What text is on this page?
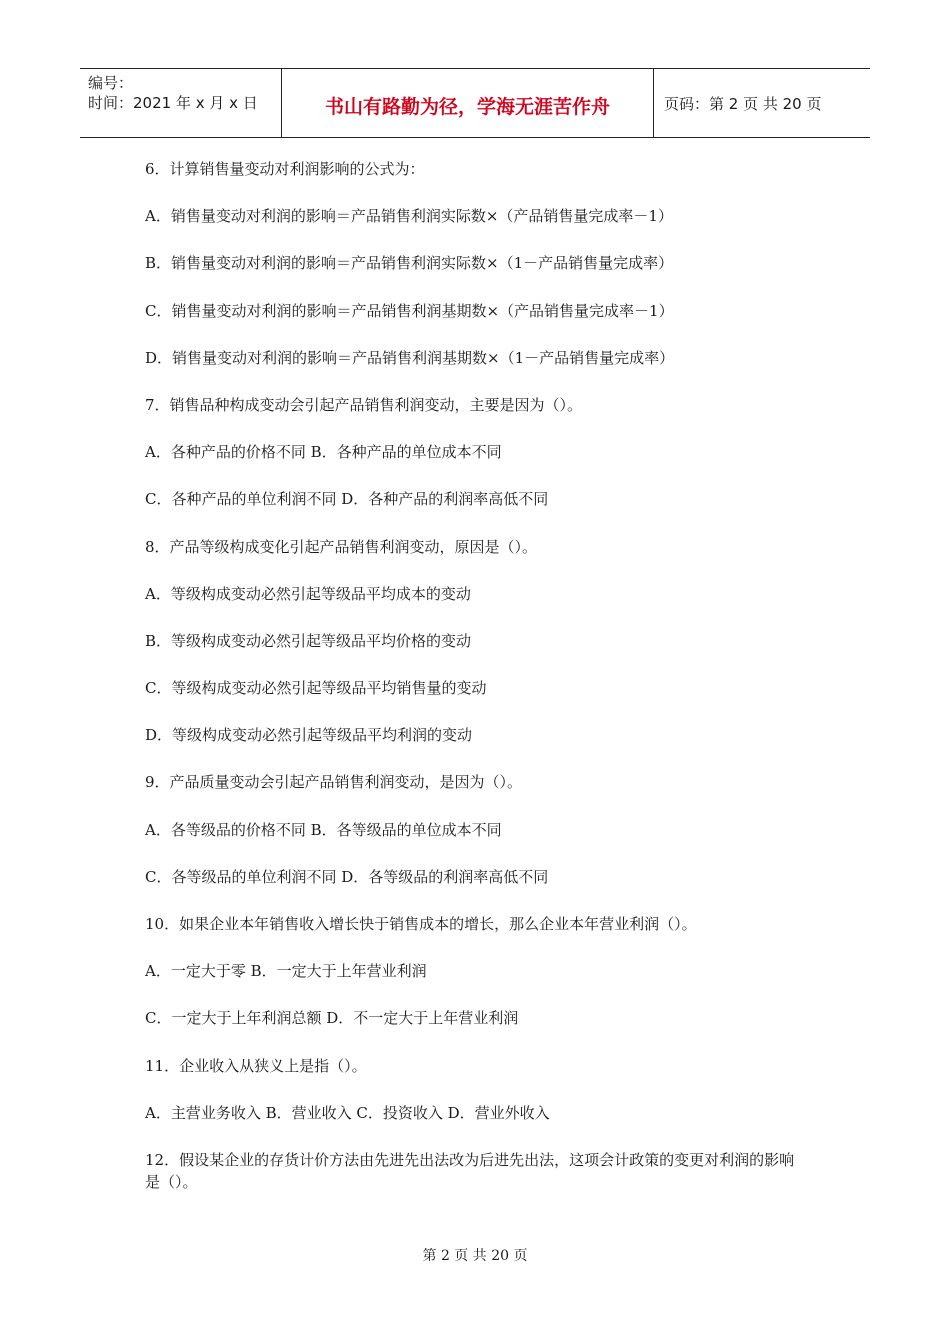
编号：
时间：2021 年 x 月 x 日	书山有路勤为径，学海无涯苦作舟	页码：第 2 页 共 20 页
6．计算销售量变动对利润影响的公式为：
A．销售量变动对利润的影响＝产品销售利润实际数×（产品销售量完成率－1）
B．销售量变动对利润的影响＝产品销售利润实际数×（1－产品销售量完成率）
C．销售量变动对利润的影响＝产品销售利润基期数×（产品销售量完成率－1）
D．销售量变动对利润的影响＝产品销售利润基期数×（1－产品销售量完成率）
7．销售品种构成变动会引起产品销售利润变动，主要是因为（）。
A．各种产品的价格不同 B．各种产品的单位成本不同
C．各种产品的单位利润不同 D．各种产品的利润率高低不同
8．产品等级构成变化引起产品销售利润变动，原因是（）。
A．等级构成变动必然引起等级品平均成本的变动
B．等级构成变动必然引起等级品平均价格的变动
C．等级构成变动必然引起等级品平均销售量的变动
D．等级构成变动必然引起等级品平均利润的变动
9．产品质量变动会引起产品销售利润变动，是因为（）。
A．各等级品的价格不同 B．各等级品的单位成本不同
C．各等级品的单位利润不同 D．各等级品的利润率高低不同
10．如果企业本年销售收入增长快于销售成本的增长，那么企业本年营业利润（）。
A．一定大于零 B．一定大于上年营业利润
C．一定大于上年利润总额 D．不一定大于上年营业利润
11．企业收入从狭义上是指（）。
A．主营业务收入 B．营业收入 C．投资收入 D．营业外收入
12．假设某企业的存货计价方法由先进先出法改为后进先出法，这项会计政策的变更对利润的影响是（）。
第 2 页 共 20 页
